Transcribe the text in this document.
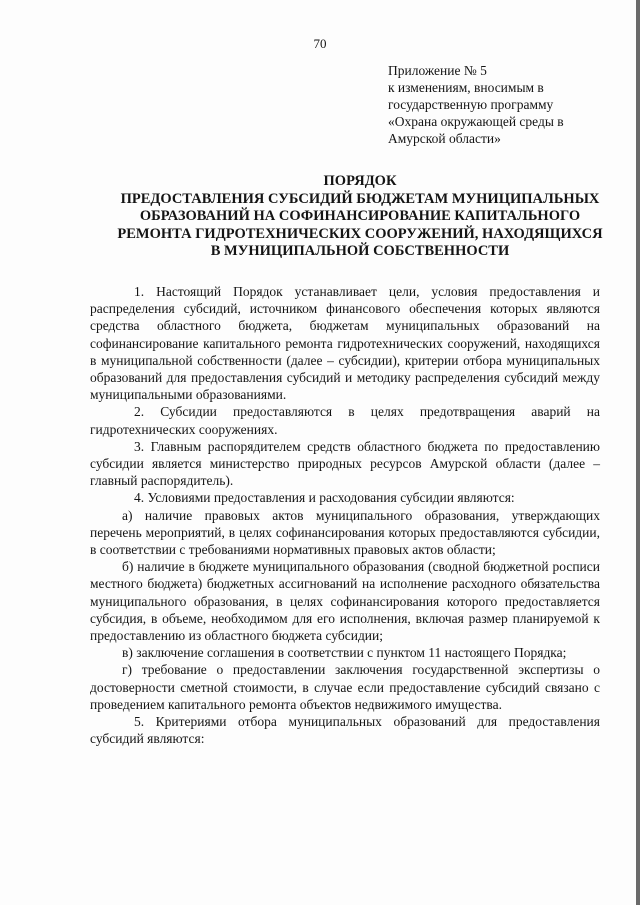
70
Приложение № 5
к изменениям, вносимым в
государственную программу
«Охрана окружающей среды в
Амурской области»
ПОРЯДОК
ПРЕДОСТАВЛЕНИЯ СУБСИДИЙ БЮДЖЕТАМ МУНИЦИПАЛЬНЫХ
ОБРАЗОВАНИЙ НА СОФИНАНСИРОВАНИЕ КАПИТАЛЬНОГО
РЕМОНТА ГИДРОТЕХНИЧЕСКИХ СООРУЖЕНИЙ, НАХОДЯЩИХСЯ
В МУНИЦИПАЛЬНОЙ СОБСТВЕННОСТИ

1. Настоящий Порядок устанавливает цели, условия предоставления и распределения субсидий, источником финансового обеспечения которых являются средства областного бюджета, бюджетам муниципальных образований на софинансирование капитального ремонта гидротехнических сооружений, находящихся в муниципальной собственности (далее – субсидии), критерии отбора муниципальных образований для предоставления субсидий и методику распределения субсидий между муниципальными образованиями.

2. Субсидии предоставляются в целях предотвращения аварий на гидротехнических сооружениях.

3. Главным распорядителем средств областного бюджета по предоставлению субсидии является министерство природных ресурсов Амурской области (далее – главный распорядитель).

4. Условиями предоставления и расходования субсидии являются:

а) наличие правовых актов муниципального образования, утверждающих перечень мероприятий, в целях софинансирования которых предоставляются субсидии, в соответствии с требованиями нормативных правовых актов области;

б) наличие в бюджете муниципального образования (сводной бюджетной росписи местного бюджета) бюджетных ассигнований на исполнение расходного обязательства муниципального образования, в целях софинансирования которого предоставляется субсидия, в объеме, необходимом для его исполнения, включая размер планируемой к предоставлению из областного бюджета субсидии;

в) заключение соглашения в соответствии с пунктом 11 настоящего Порядка;

г) требование о предоставлении заключения государственной экспертизы о достоверности сметной стоимости, в случае если предоставление субсидий связано с проведением капитального ремонта объектов недвижимого имущества.

5. Критериями отбора муниципальных образований для предоставления субсидий являются:
